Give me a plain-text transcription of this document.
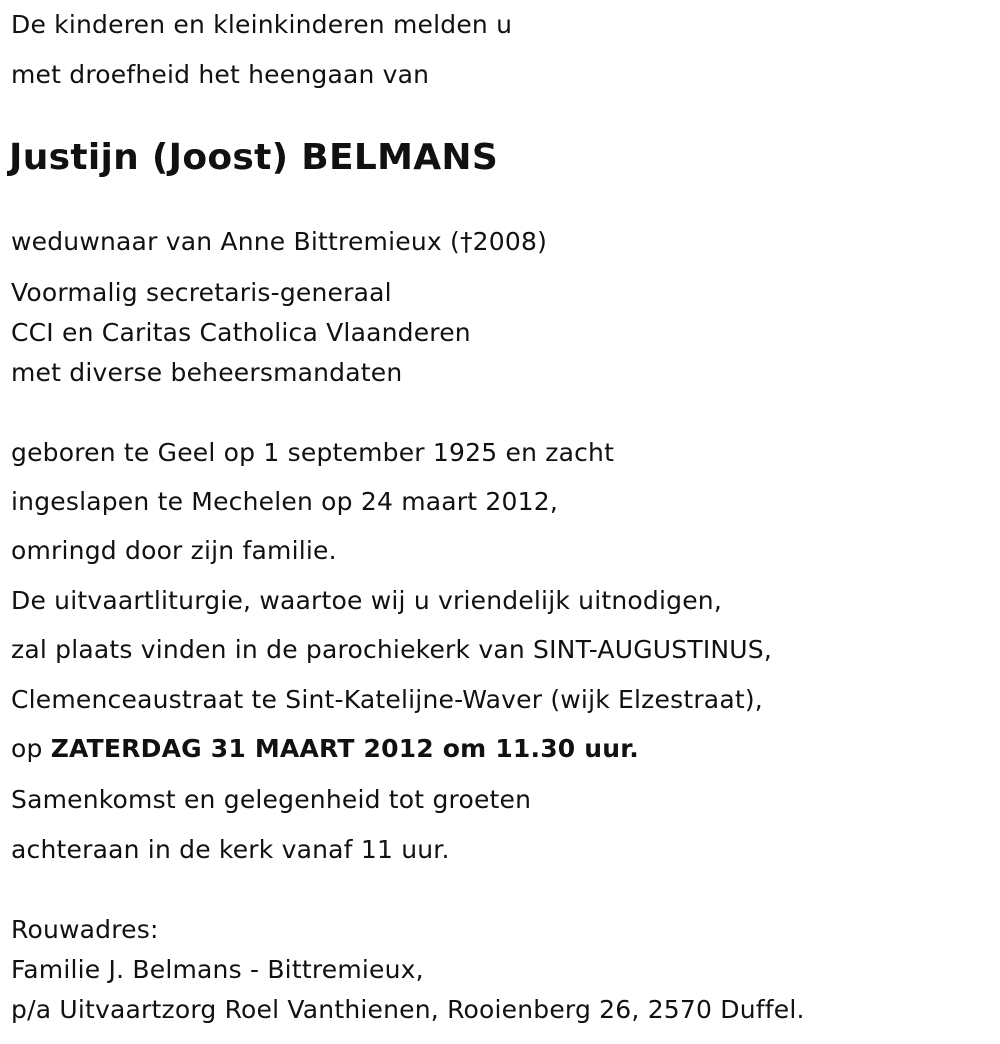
De kinderen en kleinkinderen melden u
met droefheid het heengaan van
Justijn (Joost) BELMANS
weduwnaar van Anne Bittremieux (†2008)
Voormalig secretaris-generaal
CCI en Caritas Catholica Vlaanderen
met diverse beheersmandaten
geboren te Geel op 1 september 1925 en zacht
ingeslapen te Mechelen op 24 maart 2012,
omringd door zijn familie.
De uitvaartliturgie, waartoe wij u vriendelijk uitnodigen,
zal plaats vinden in de parochiekerk van SINT-AUGUSTINUS,
Clemenceaustraat te Sint-Katelijne-Waver (wijk Elzestraat),
op ZATERDAG 31 MAART 2012 om 11.30 uur.
Samenkomst en gelegenheid tot groeten
achteraan in de kerk vanaf 11 uur.
Rouwadres:
Familie J. Belmans - Bittremieux,
p/a Uitvaartzorg Roel Vanthienen, Rooienberg 26, 2570 Duffel.
